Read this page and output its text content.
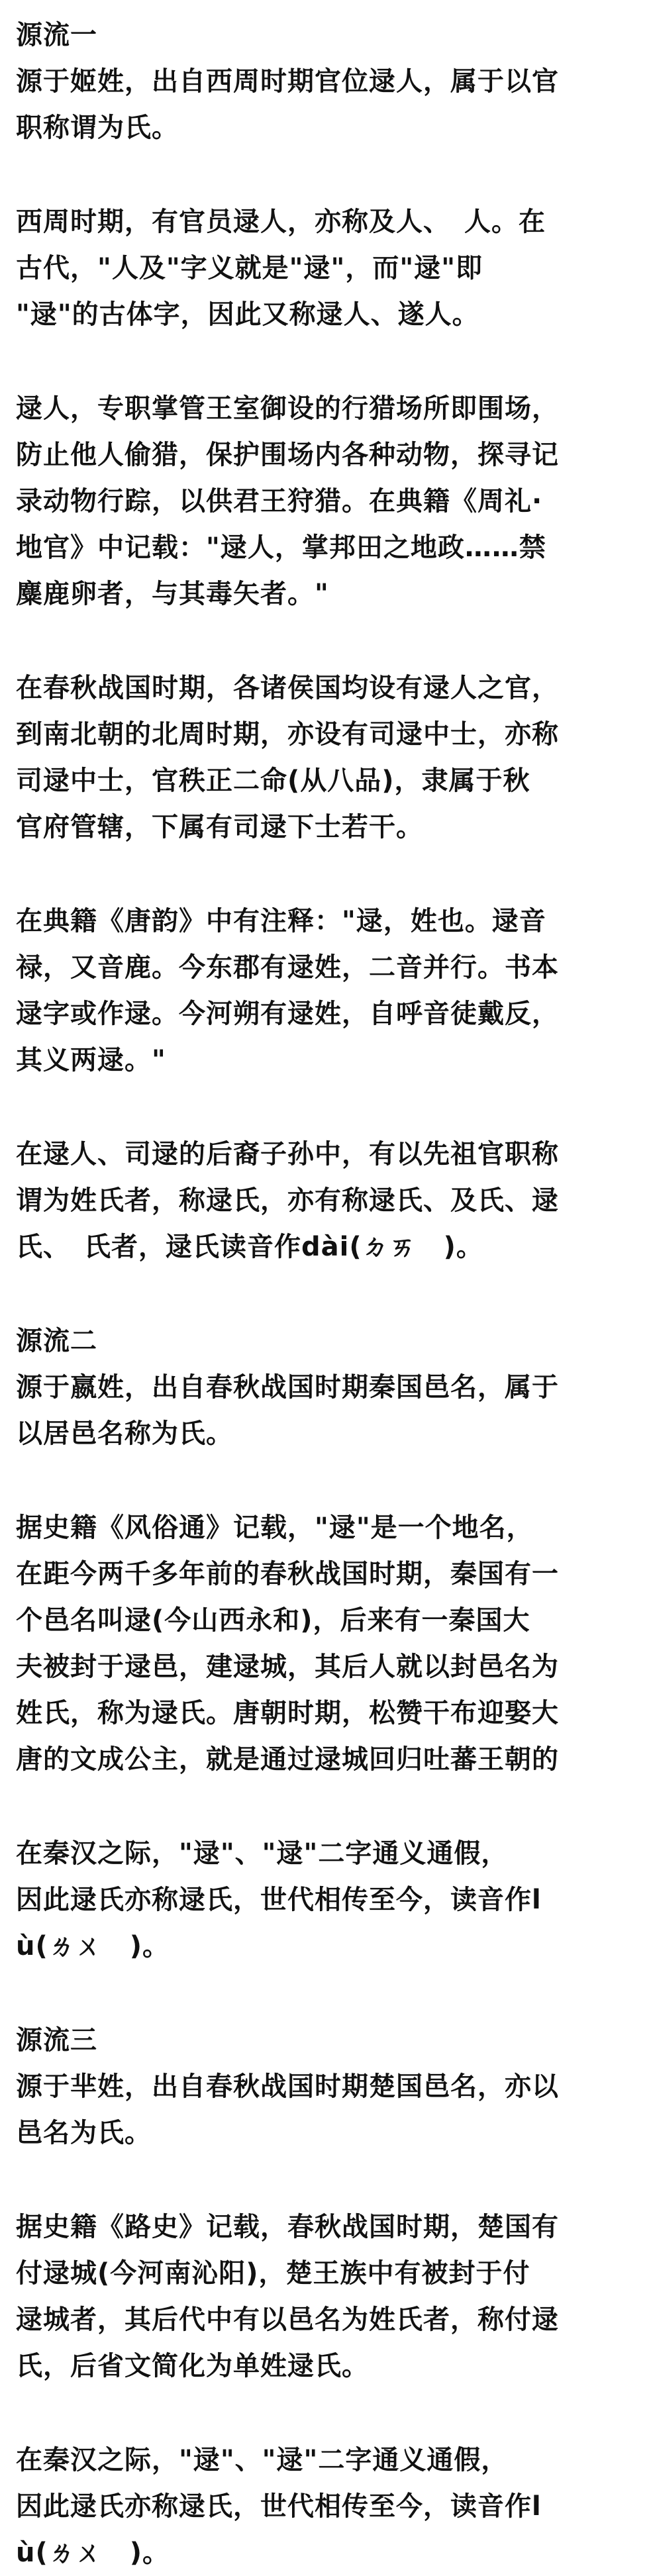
源流一

源于姬姓，出自西周时期官位逯人，属于以官
职称谓为氏。

西周时期，有官员逯人，亦称及人、　人。在
古代，"人及"字义就是"逯"，而"逯"即
"逯"的古体字，因此又称逯人、遂人。

逯人，专职掌管王室御设的行猎场所即围场，
防止他人偷猎，保护围场内各种动物，探寻记
录动物行踪，以供君王狩猎。在典籍《周礼·
地官》中记载："逯人，掌邦田之地政……禁
麋鹿卵者，与其毒矢者。"

在春秋战国时期，各诸侯国均设有逯人之官，
到南北朝的北周时期，亦设有司逯中士，亦称
司逯中士，官秩正二命(从八品)，隶属于秋
官府管辖，下属有司逯下士若干。

在典籍《唐韵》中有注释："逯，姓也。逯音
禄，又音鹿。今东郡有逯姓，二音并行。书本
逯字或作逯。今河朔有逯姓，自呼音徒戴反，
其义两逯。"

在逯人、司逯的后裔子孙中，有以先祖官职称
谓为姓氏者，称逯氏，亦有称逯氏、及氏、逯
氏、　氏者，逯氏读音作dài(ㄉㄞ　)。

源流二

源于嬴姓，出自春秋战国时期秦国邑名，属于
以居邑名称为氏。

据史籍《风俗通》记载，"逯"是一个地名，
在距今两千多年前的春秋战国时期，秦国有一
个邑名叫逯(今山西永和)，后来有一秦国大
夫被封于逯邑，建逯城，其后人就以封邑名为
姓氏，称为逯氏。唐朝时期，松赞干布迎娶大
唐的文成公主，就是通过逯城回归吐蕃王朝的

在秦汉之际，"逯"、"逯"二字通义通假，
因此逯氏亦称逯氏，世代相传至今，读音作l
ù(ㄌㄨ　)。

源流三

源于芈姓，出自春秋战国时期楚国邑名，亦以
邑名为氏。

据史籍《路史》记载，春秋战国时期，楚国有
付逯城(今河南沁阳)，楚王族中有被封于付
逯城者，其后代中有以邑名为姓氏者，称付逯
氏，后省文简化为单姓逯氏。

在秦汉之际，"逯"、"逯"二字通义通假，
因此逯氏亦称逯氏，世代相传至今，读音作l
ù(ㄌㄨ　)。
